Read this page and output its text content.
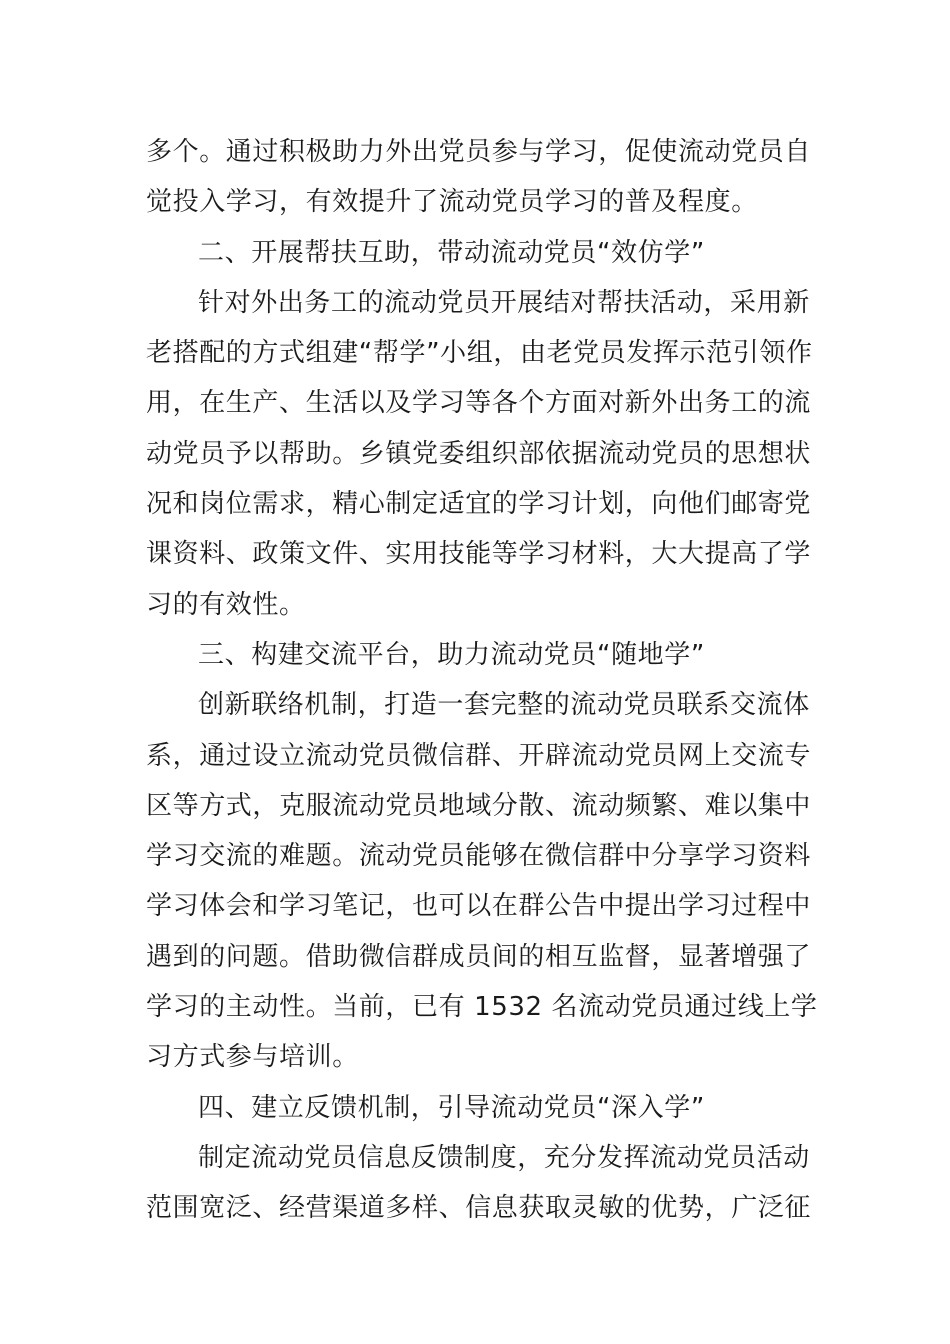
多个。通过积极助力外出党员参与学习，促使流动党员自觉投入学习，有效提升了流动党员学习的普及程度。

二、开展帮扶互助，带动流动党员“效仿学”

针对外出务工的流动党员开展结对帮扶活动，采用新老搭配的方式组建“帮学”小组，由老党员发挥示范引领作用，在生产、生活以及学习等各个方面对新外出务工的流动党员予以帮助。乡镇党委组织部依据流动党员的思想状况和岗位需求，精心制定适宜的学习计划，向他们邮寄党课资料、政策文件、实用技能等学习材料，大大提高了学习的有效性。

三、构建交流平台，助力流动党员“随地学”

创新联络机制，打造一套完整的流动党员联系交流体系，通过设立流动党员微信群、开辟流动党员网上交流专区等方式，克服流动党员地域分散、流动频繁、难以集中学习交流的难题。流动党员能够在微信群中分享学习资料学习体会和学习笔记，也可以在群公告中提出学习过程中遇到的问题。借助微信群成员间的相互监督，显著增强了学习的主动性。当前，已有 1532 名流动党员通过线上学习方式参与培训。

四、建立反馈机制，引导流动党员“深入学”

制定流动党员信息反馈制度，充分发挥流动党员活动范围宽泛、经营渠道多样、信息获取灵敏的优势，广泛征
